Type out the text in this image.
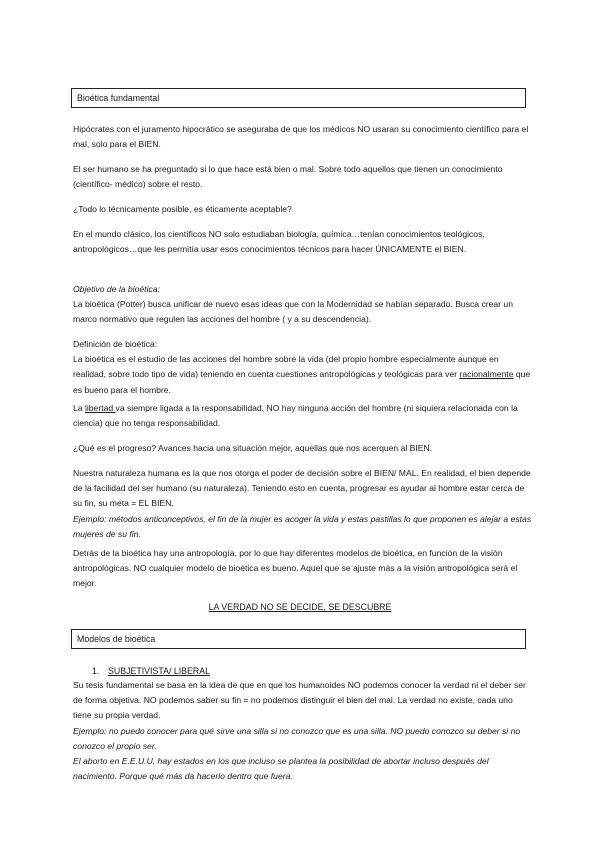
Bioética fundamental

Hipócrates con el juramento hipocrático se aseguraba de que los médicos NO usaran su conocimiento científico para el mal, solo para el BIEN.

El ser humano se ha preguntado si lo que hace está bien o mal. Sobre todo aquellos que tienen un conocimiento (científico- médico) sobre el resto.

¿Todo lo técnicamente posible, es éticamente aceptable?

En el mundo clásico, los científicos NO solo estudiaban biología, química…tenían conocimientos teológicos, antropológicos…que les permitía usar esos conocimientos técnicos para hacer ÚNICAMENTE el BIEN.

Objetivo de la bioética:
La bioética (Potter) busca unificar de nuevo esas ideas que con la Modernidad se habían separado. Busca crear un marco normativo que regulen las acciones del hombre ( y a su descendencia).
Definición de bioética:
La bioética es el estudio de las acciones del hombre sobre la vida (del propio hombre especialmente aunque en realidad, sobre todo tipo de vida) teniendo en cuenta cuestiones antropológicas y teológicas para ver racionalmente que es bueno para el hombre.

La libertad va siempre ligada a la responsabilidad, NO hay ninguna acción del hombre (ni siquiera relacionada con la ciencia) que no tenga responsabilidad.

¿Qué es el progreso? Avances hacia una situación mejor, aquellas que nos acerquen al BIEN.

Nuestra naturaleza humana es la que nos otorga el poder de decisión sobre el BIEN/ MAL. En realidad, el bien depende de la facilidad del ser humano (su naturaleza). Teniendo esto en cuenta, progresar es ayudar al hombre estar cerca de su fin, su meta = EL BIEN.
Ejemplo: métodos anticonceptivos, el fin de la mujer es acoger la vida y estas pastillas lo que proponen es alejar a estas mujeres de su fin.

Detrás de la bioética hay una antropología, por lo que hay diferentes modelos de bioética, en función de la visión antropológicas. NO cualquier modelo de bioética es bueno. Aquel que se ajuste más a la visión antropológica será el mejor.

LA VERDAD NO SE DECIDE, SE DESCUBRE
Modelos de bioética
1. SUBJETIVISTA/ LIBERAL
Su tesis fundamental se basa en la idea de que en que los humanoides NO podemos conocer la verdad ni el deber ser de forma objetiva. NO podemos saber su fin = no podemos distinguir el bien del mal. La verdad no existe, cada uno tiene su propia verdad.
Ejemplo: no puedo conocer para qué sirve una silla si no conozco que es una silla. NO puedo conozco su deber si no conozco el propio ser.
El aborto en E.E.U.U. hay estados en los que incluso se plantea la posibilidad de abortar incluso después del nacimiento. Porque qué más da hacerlo dentro que fuera.
